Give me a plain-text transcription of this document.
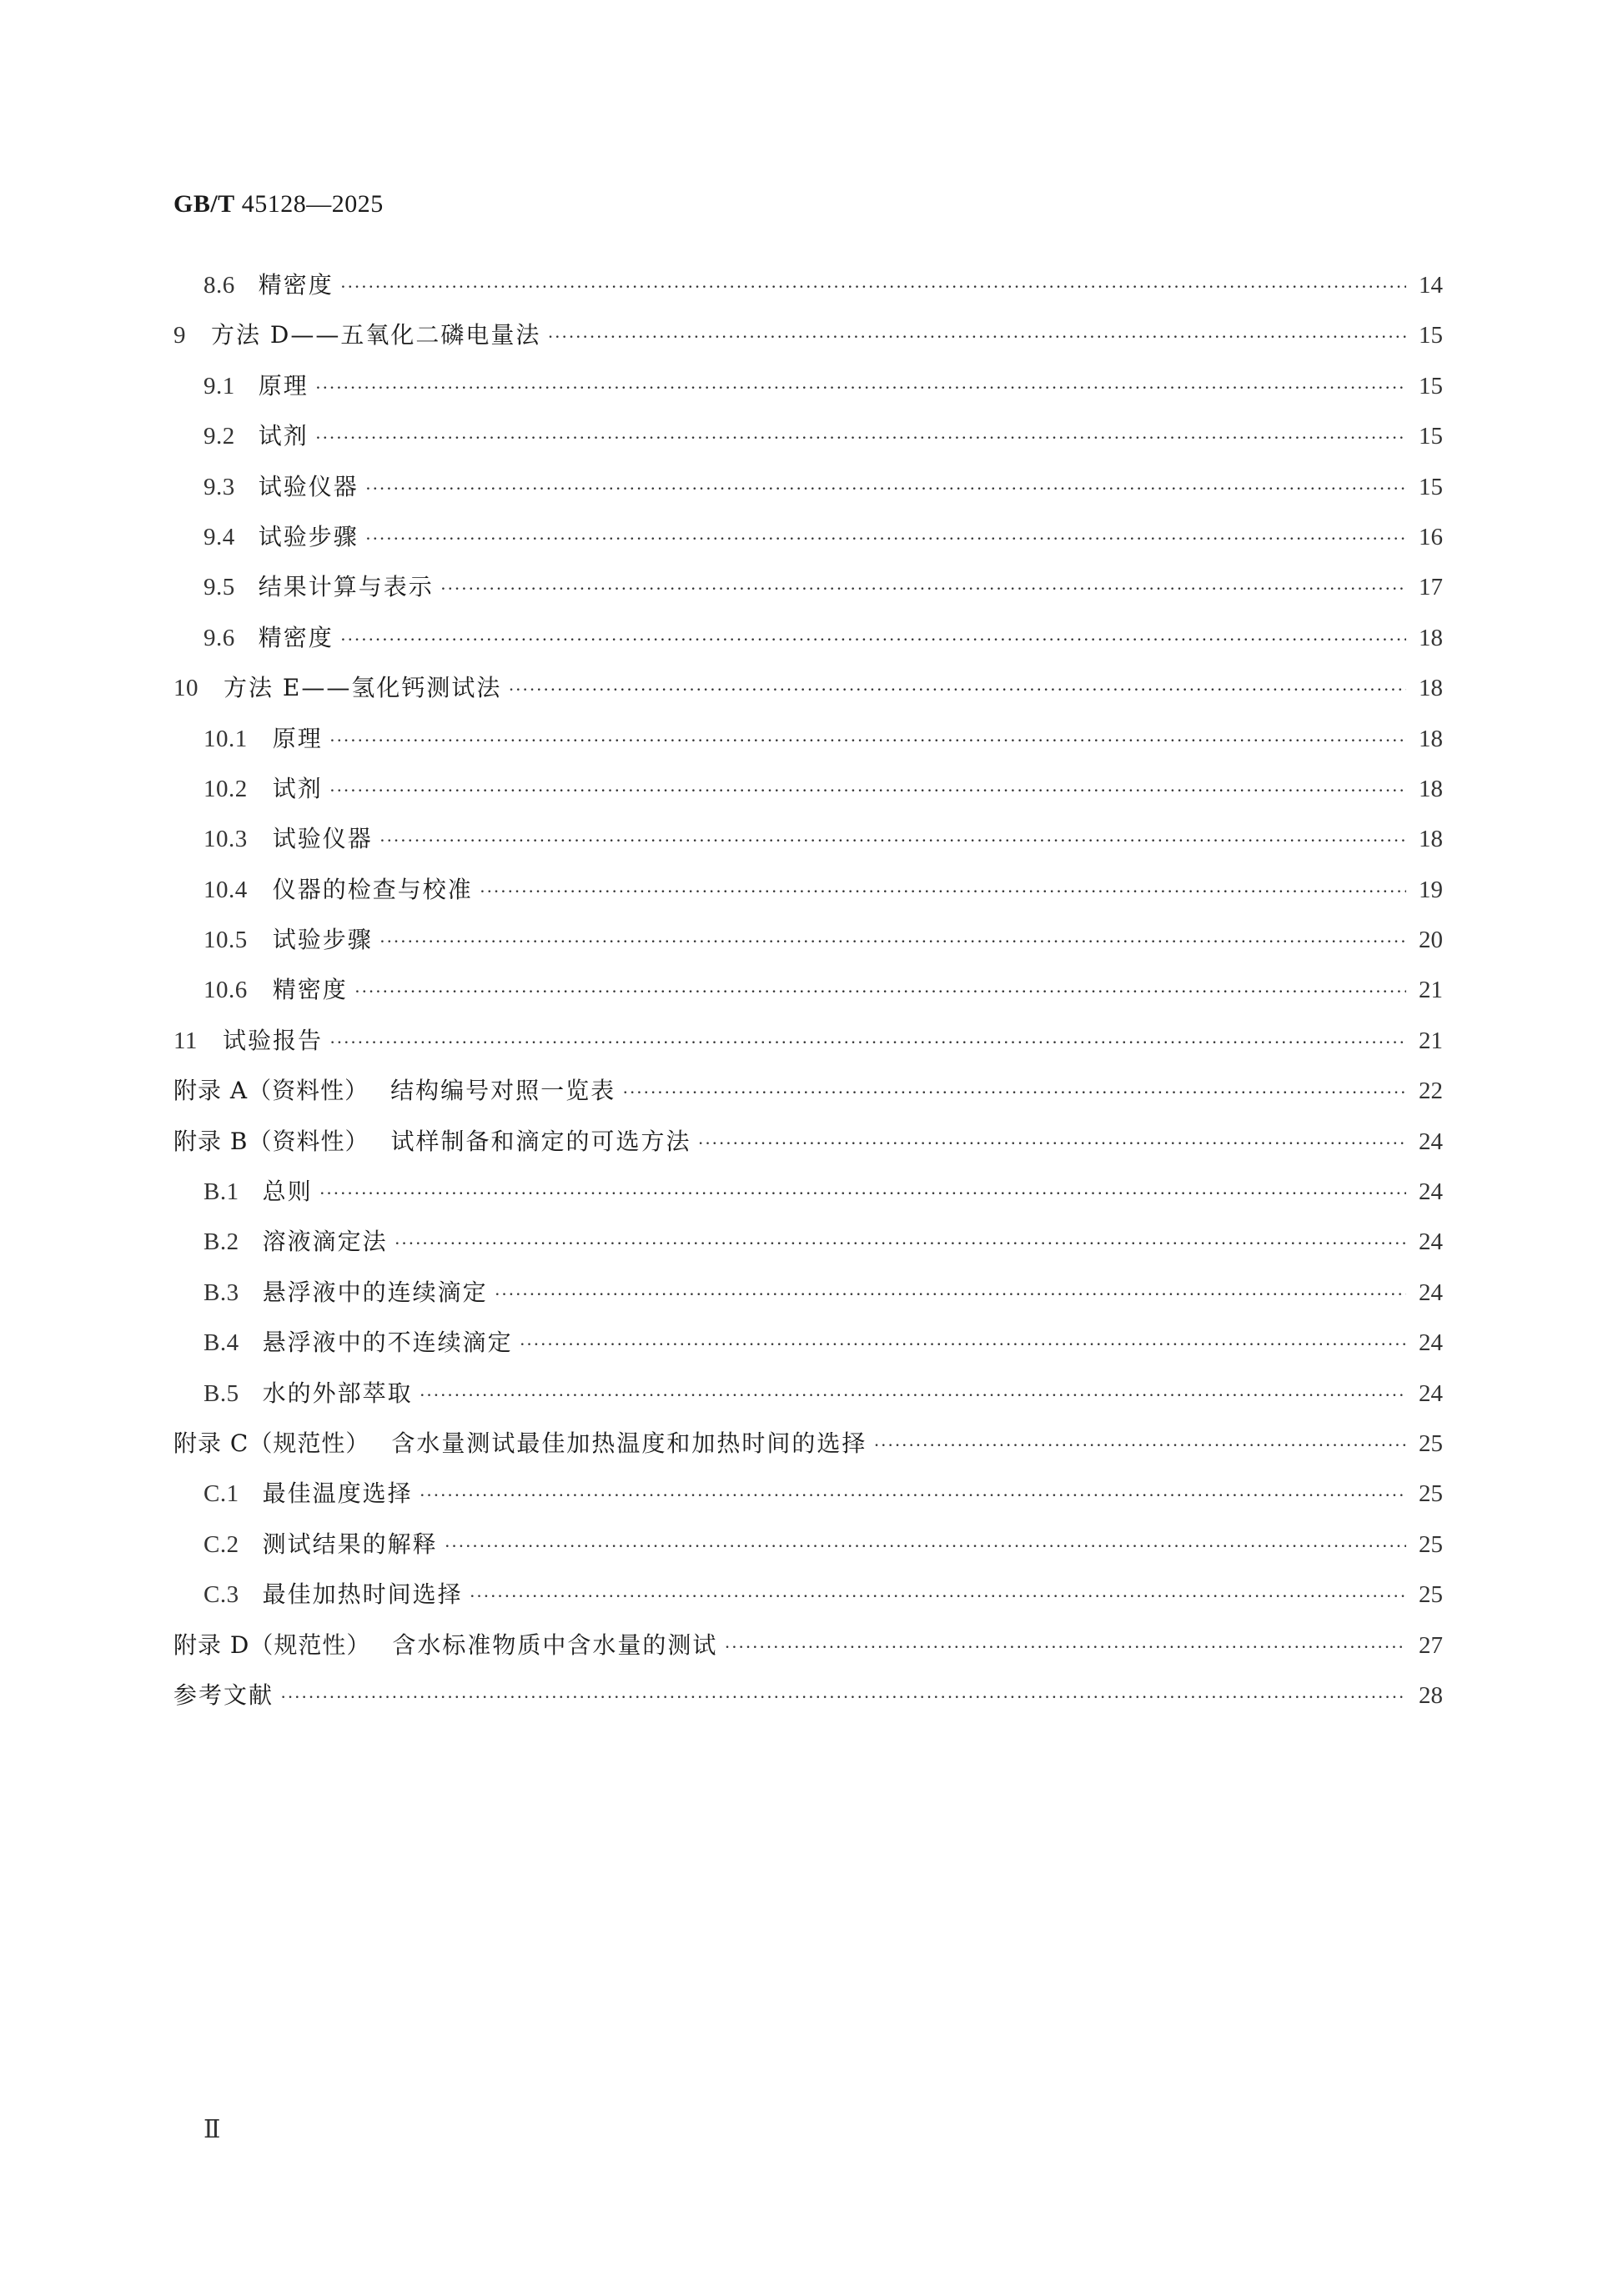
GB/T 45128—2025
8.6 精密度 ·····	14
9 方法 D——五氧化二磷电量法 ·····	15
9.1 原理 ·····	15
9.2 试剂 ·····	15
9.3 试验仪器 ·····	15
9.4 试验步骤 ·····	16
9.5 结果计算与表示 ·····	17
9.6 精密度 ·····	18
10 方法 E——氢化钙测试法 ·····	18
10.1 原理 ·····	18
10.2 试剂 ·····	18
10.3 试验仪器 ·····	18
10.4 仪器的检查与校准 ·····	19
10.5 试验步骤 ·····	20
10.6 精密度 ·····	21
11 试验报告 ·····	21
附录 A（资料性） 结构编号对照一览表 ·····	22
附录 B（资料性） 试样制备和滴定的可选方法 ·····	24
B.1 总则 ·····	24
B.2 溶液滴定法 ·····	24
B.3 悬浮液中的连续滴定 ·····	24
B.4 悬浮液中的不连续滴定 ·····	24
B.5 水的外部萃取 ·····	24
附录 C（规范性） 含水量测试最佳加热温度和加热时间的选择 ·····	25
C.1 最佳温度选择 ·····	25
C.2 测试结果的解释 ·····	25
C.3 最佳加热时间选择 ·····	25
附录 D（规范性） 含水标准物质中含水量的测试 ·····	27
参考文献 ·····	28
Ⅱ
